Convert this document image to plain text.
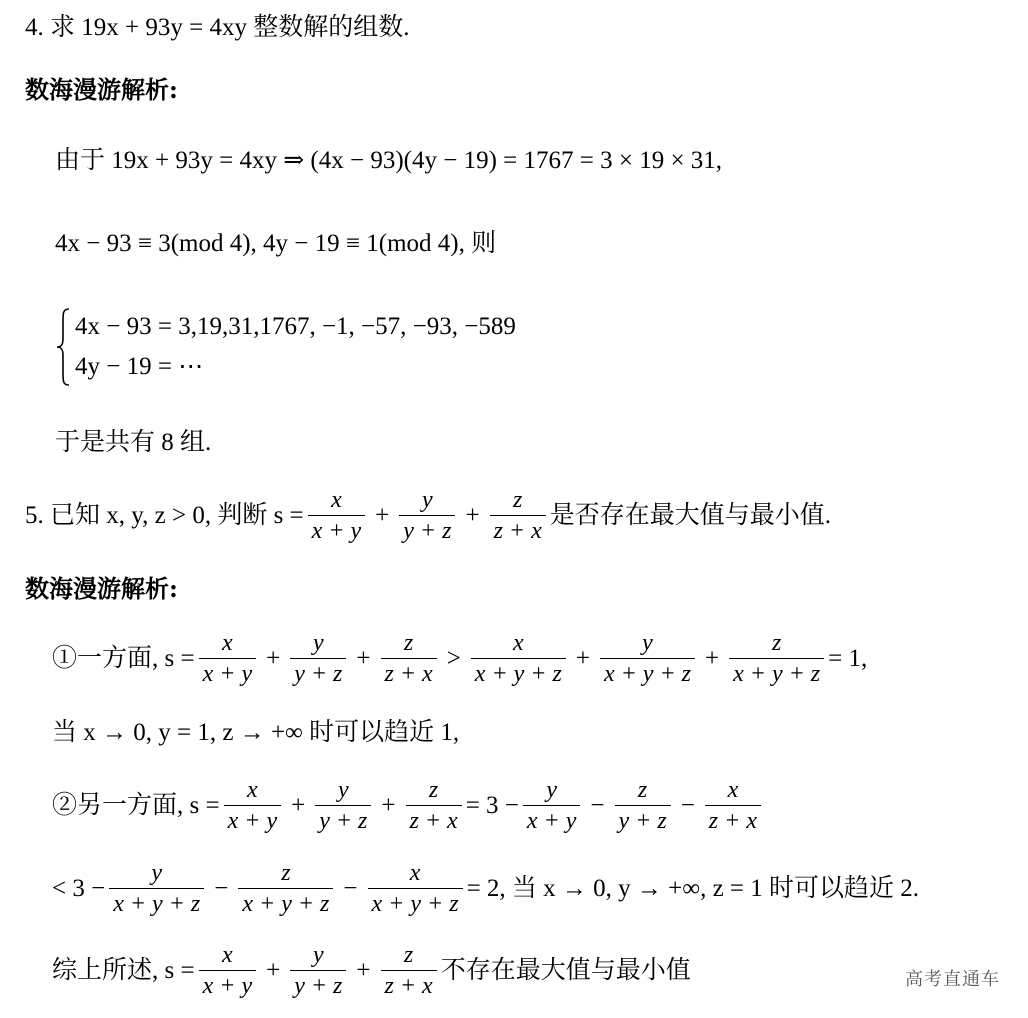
4. 求 19x + 93y = 4xy 整数解的组数.
数海漫游解析:
由于 19x + 93y = 4xy ⇒ (4x − 93)(4y − 19) = 1767 = 3 × 19 × 31,
4x − 93 ≡ 3(mod 4), 4y − 19 ≡ 1(mod 4), 则
4x − 93 = 3,19,31,1767, −1, −57, −93, −589
4y − 19 = ⋯
于是共有 8 组.
5. 已知 x, y, z > 0, 判断 $s = \frac{x}{x + y} + \frac{y}{y + z} + \frac{z}{z + x}$ 是否存在最大值与最小值.
数海漫游解析:
①一方面, $s = \frac{x}{x + y} + \frac{y}{y + z} + \frac{z}{z + x} > \frac{x}{x + y + z} + \frac{y}{x + y + z} + \frac{z}{x + y + z} = 1$,
当 x → 0, y = 1, z → +∞ 时可以趋近 1,
②另一方面, $s = \frac{x}{x + y} + \frac{y}{y + z} + \frac{z}{z + x} = 3 - \frac{y}{x + y} - \frac{z}{y + z} - \frac{x}{z + x}$
< $3 - \frac{y}{x + y + z} - \frac{z}{x + y + z} - \frac{x}{x + y + z} = 2$, 当 x → 0, y → +∞, z = 1 时可以趋近 2.
综上所述, $s = \frac{x}{x + y} + \frac{y}{y + z} + \frac{z}{z + x}$ 不存在最大值与最小值	高考直通车
